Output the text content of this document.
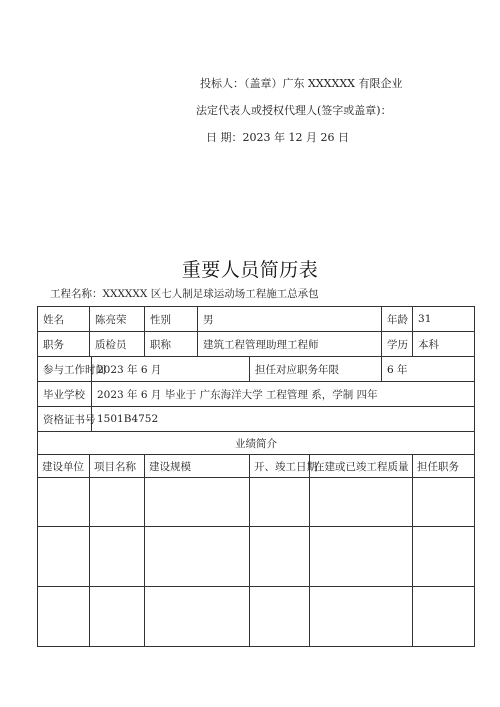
投标人：（盖章）广东 XXXXXX 有限企业
法定代表人或授权代理人(签字或盖章)：
日 期：2023 年 12 月 26 日
重要人员简历表
工程名称：XXXXXX 区七人制足球运动场工程施工总承包
姓名	陈亮荣		性别	男			年龄	31
职务	质检员		职称	建筑工程管理助理工程师			学历	本科
参与工作时间		2023 年 6 月			担任对应职务年限		6 年	
毕业学校		2023 年 6 月 毕业于 广东海洋大学 工程管理 系，学制 四年						
资格证书号		1501B4752						
业绩简介								
建设单位	项目名称		建设规模		开、竣工日期	在建或已竣工程质量		担任职务
